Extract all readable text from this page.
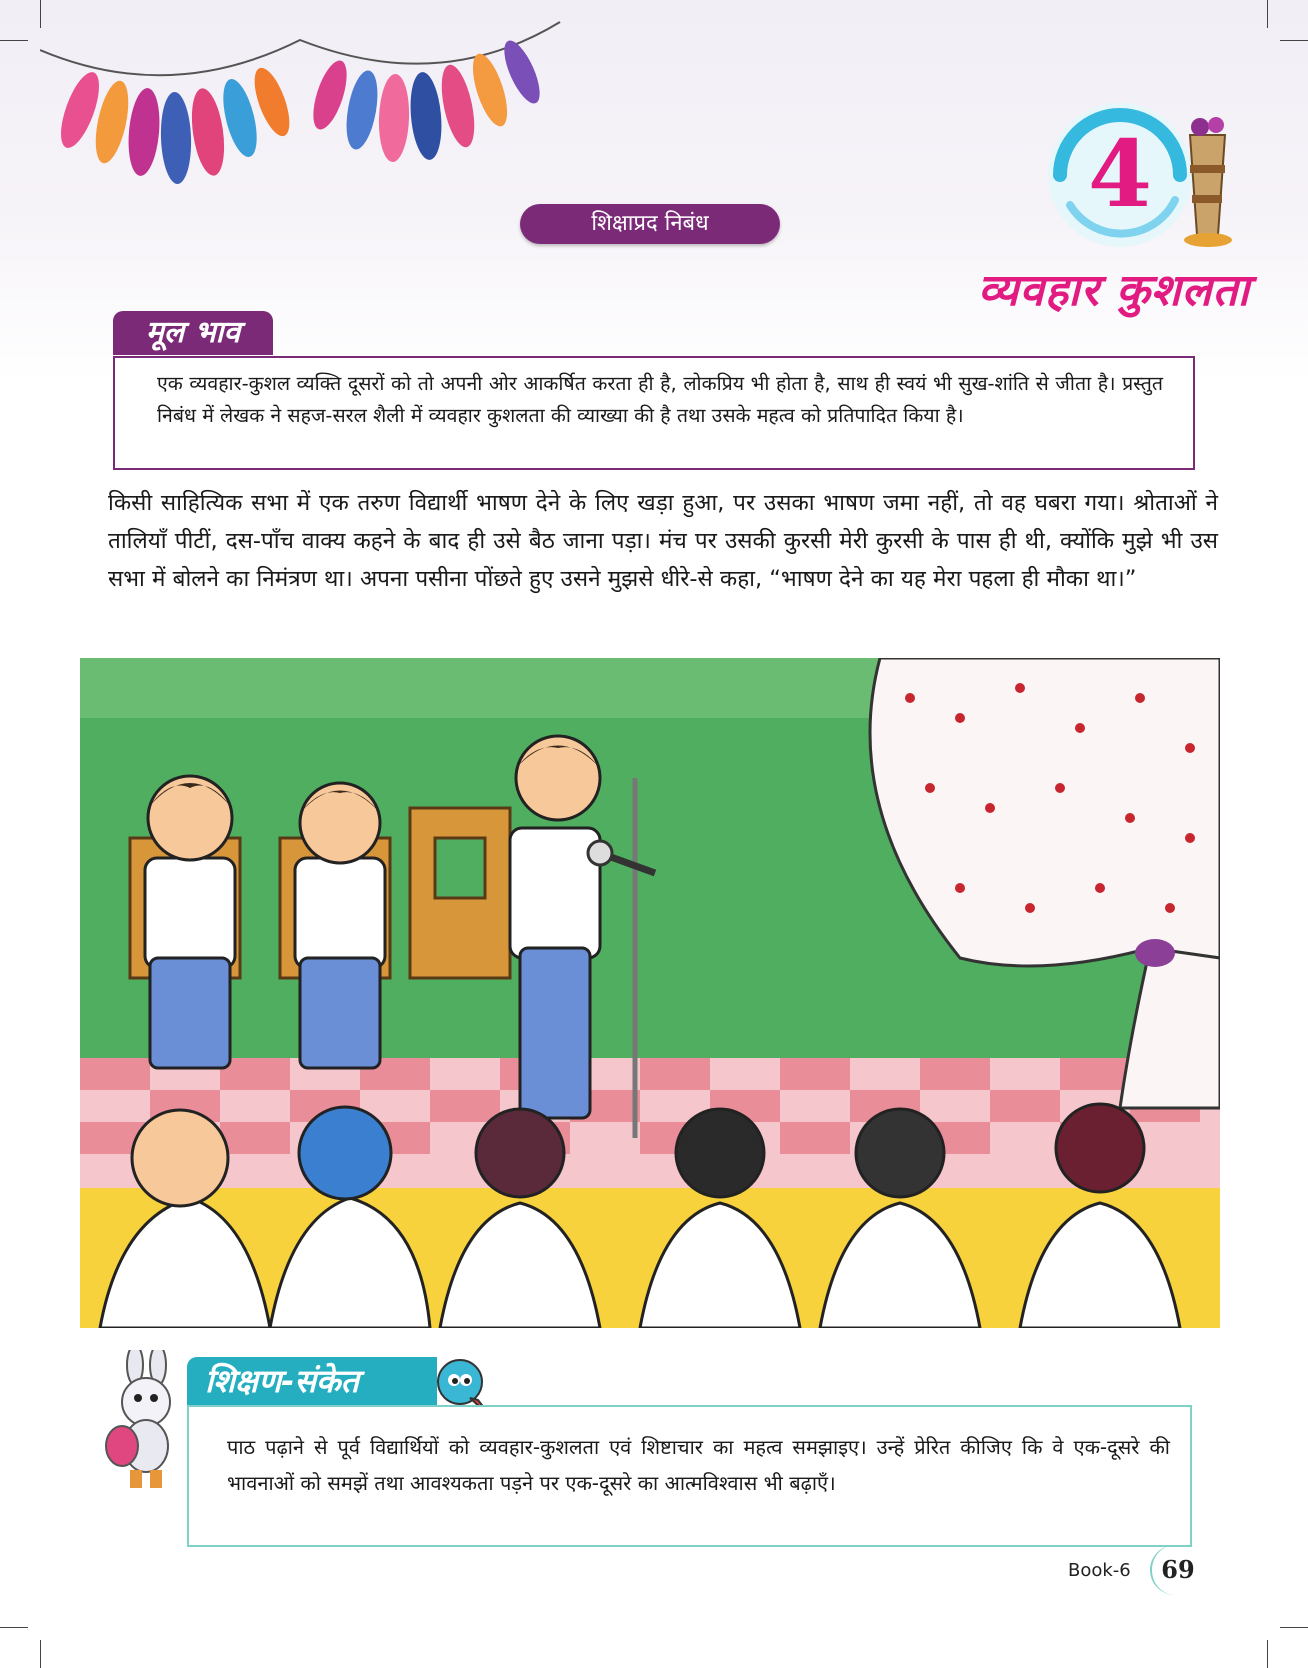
4
शिक्षाप्रद निबंध
व्यवहार कुशलता
मूल भाव
एक व्यवहार-कुशल व्यक्ति दूसरों को तो अपनी ओर आकर्षित करता ही है, लोकप्रिय भी होता है, साथ ही स्वयं भी सुख-शांति से जीता है। प्रस्तुत निबंध में लेखक ने सहज-सरल शैली में व्यवहार कुशलता की व्याख्या की है तथा उसके महत्व को प्रतिपादित किया है।
किसी साहित्यिक सभा में एक तरुण विद्यार्थी भाषण देने के लिए खड़ा हुआ, पर उसका भाषण जमा नहीं, तो वह घबरा गया। श्रोताओं ने तालियाँ पीटीं, दस-पाँच वाक्य कहने के बाद ही उसे बैठ जाना पड़ा। मंच पर उसकी कुरसी मेरी कुरसी के पास ही थी, क्योंकि मुझे भी उस सभा में बोलने का निमंत्रण था। अपना पसीना पोंछते हुए उसने मुझसे धीरे-से कहा, “भाषण देने का यह मेरा पहला ही मौका था।”
शिक्षण-संकेत
पाठ पढ़ाने से पूर्व विद्यार्थियों को व्यवहार-कुशलता एवं शिष्टाचार का महत्व समझाइए। उन्हें प्रेरित कीजिए कि वे एक-दूसरे की भावनाओं को समझें तथा आवश्यकता पड़ने पर एक-दूसरे का आत्मविश्वास भी बढ़ाएँ।
Book-6	69
